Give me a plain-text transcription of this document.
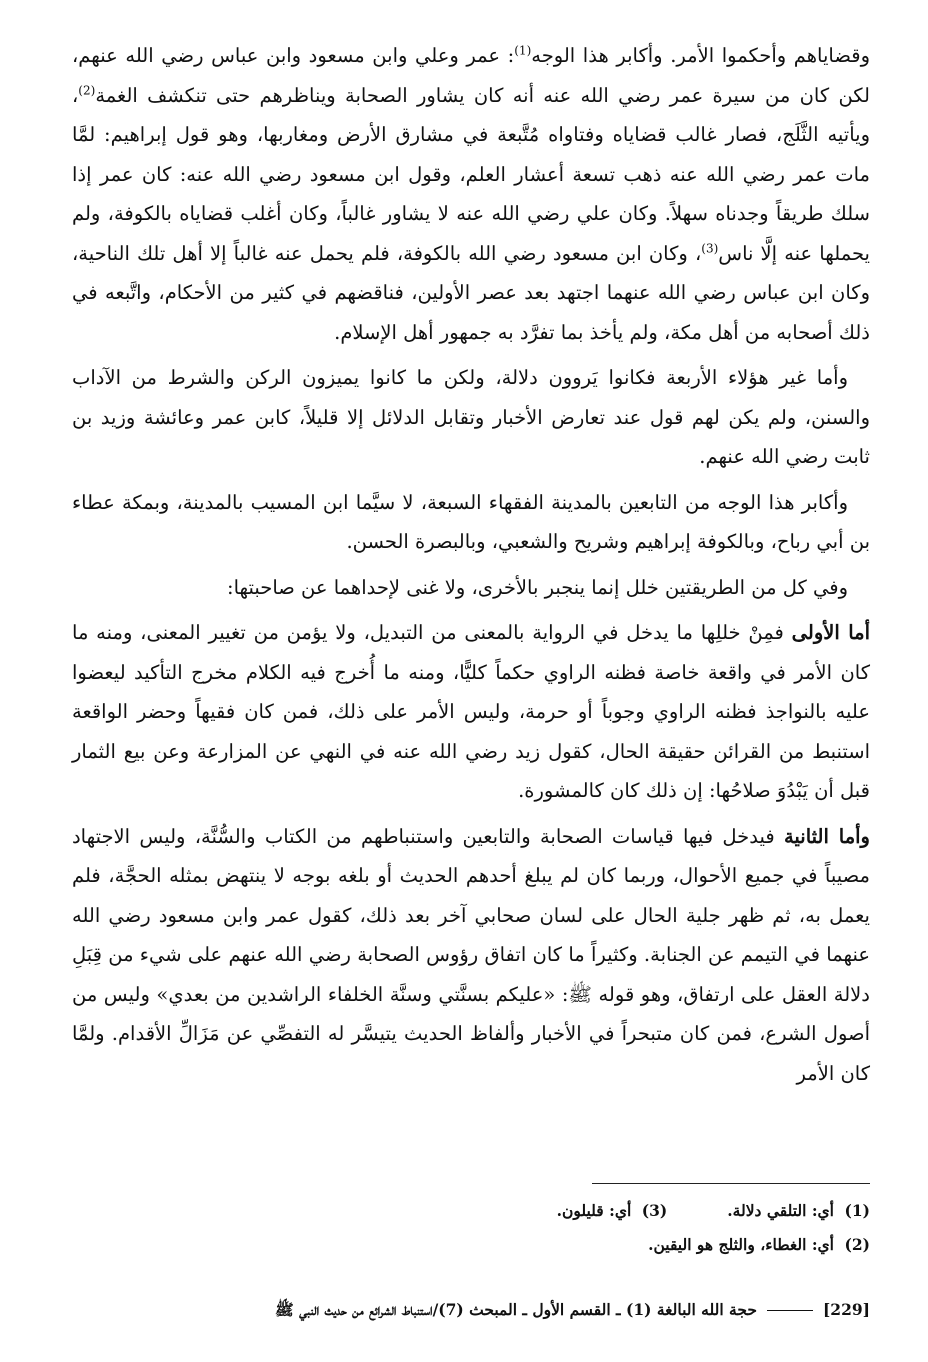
وقضاياهم وأحكموا الأمر. وأكابر هذا الوجه$^{(1)}$: عمر وعلي وابن مسعود وابن عباس رضي الله عنهم، لكن كان من سيرة عمر رضي الله عنه أنه كان يشاور الصحابة ويناظرهم حتى تنكشف الغمة$^{(2)}$، ويأتيه الثَّلَج، فصار غالب قضاياه وفتاواه مُتَّبعة في مشارق الأرض ومغاربها، وهو قول إبراهيم: لمَّا مات عمر رضي الله عنه ذهب تسعة أعشار العلم، وقول ابن مسعود رضي الله عنه: كان عمر إذا سلك طريقاً وجدناه سهلاً. وكان علي رضي الله عنه لا يشاور غالباً، وكان أغلب قضاياه بالكوفة، ولم يحملها عنه إلَّا ناس$^{(3)}$، وكان ابن مسعود رضي الله بالكوفة، فلم يحمل عنه غالباً إلا أهل تلك الناحية، وكان ابن عباس رضي الله عنهما اجتهد بعد عصر الأولين، فناقضهم في كثير من الأحكام، واتَّبعه في ذلك أصحابه من أهل مكة، ولم يأخذ بما تفرَّد به جمهور أهل الإسلام.

وأما غير هؤلاء الأربعة فكانوا يَروون دلالة، ولكن ما كانوا يميزون الركن والشرط من الآداب والسنن، ولم يكن لهم قول عند تعارض الأخبار وتقابل الدلائل إلا قليلاً، كابن عمر وعائشة وزيد بن ثابت رضي الله عنهم.

وأكابر هذا الوجه من التابعين بالمدينة الفقهاء السبعة، لا سيَّما ابن المسيب بالمدينة، وبمكة عطاء بن أبي رباح، وبالكوفة إبراهيم وشريح والشعبي، وبالبصرة الحسن.

وفي كل من الطريقتين خلل إنما ينجبر بالأخرى، ولا غنى لإحداهما عن صاحبتها:

أما الأولى فمِنْ خللِها ما يدخل في الرواية بالمعنى من التبديل، ولا يؤمن من تغيير المعنى، ومنه ما كان الأمر في واقعة خاصة فظنه الراوي حكماً كليًّا، ومنه ما أُخرج فيه الكلام مخرج التأكيد ليعضوا عليه بالنواجذ فظنه الراوي وجوباً أو حرمة، وليس الأمر على ذلك، فمن كان فقيهاً وحضر الواقعة استنبط من القرائن حقيقة الحال، كقول زيد رضي الله عنه في النهي عن المزارعة وعن بيع الثمار قبل أن يَبْدُوَ صلاحُها: إن ذلك كان كالمشورة.

وأما الثانية فيدخل فيها قياسات الصحابة والتابعين واستنباطهم من الكتاب والسُّنَّة، وليس الاجتهاد مصيباً في جميع الأحوال، وربما كان لم يبلغ أحدهم الحديث أو بلغه بوجه لا ينتهض بمثله الحجَّة، فلم يعمل به، ثم ظهر جلية الحال على لسان صحابي آخر بعد ذلك، كقول عمر وابن مسعود رضي الله عنهما في التيمم عن الجنابة. وكثيراً ما كان اتفاق رؤوس الصحابة رضي الله عنهم على شيء من قِبَلِ دلالة العقل على ارتفاق، وهو قوله ﷺ: «عليكم بسنَّتي وسنَّة الخلفاء الراشدين من بعدي» وليس من أصول الشرع، فمن كان متبحراً في الأخبار وألفاظ الحديث يتيسَّر له التفصِّي عن مَزَالِّ الأقدام. ولمَّا كان الأمر

(1)
أي: التلقي دلالة.
(3)
أي: قليلون.
(2)
أي: الغطاء، والثلج هو اليقين.
[229]
حجة الله البالغة (1) ـ القسم الأول ـ المبحث (7)/استنباط الشرائع من حديث النبي ﷺ
